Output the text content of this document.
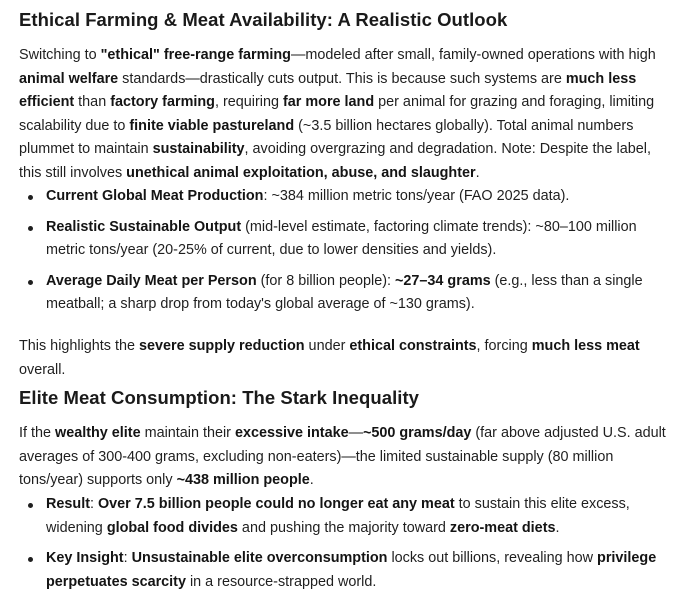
Ethical Farming & Meat Availability: A Realistic Outlook

Switching to "ethical" free-range farming—modeled after small, family-owned operations with high animal welfare standards—drastically cuts output. This is because such systems are much less efficient than factory farming, requiring far more land per animal for grazing and foraging, limiting scalability due to finite viable pastureland (~3.5 billion hectares globally). Total animal numbers plummet to maintain sustainability, avoiding overgrazing and degradation. Note: Despite the label, this still involves unethical animal exploitation, abuse, and slaughter.

Current Global Meat Production: ~384 million metric tons/year (FAO 2025 data).
Realistic Sustainable Output (mid-level estimate, factoring climate trends): ~80–100 million metric tons/year (20-25% of current, due to lower densities and yields).
Average Daily Meat per Person (for 8 billion people): ~27–34 grams (e.g., less than a single meatball; a sharp drop from today's global average of ~130 grams).

This highlights the severe supply reduction under ethical constraints, forcing much less meat overall.

Elite Meat Consumption: The Stark Inequality

If the wealthy elite maintain their excessive intake—~500 grams/day (far above adjusted U.S. adult averages of 300-400 grams, excluding non-eaters)—the limited sustainable supply (80 million tons/year) supports only ~438 million people.

Result: Over 7.5 billion people could no longer eat any meat to sustain this elite excess, widening global food divides and pushing the majority toward zero-meat diets.
Key Insight: Unsustainable elite overconsumption locks out billions, revealing how privilege perpetuates scarcity in a resource-strapped world.
